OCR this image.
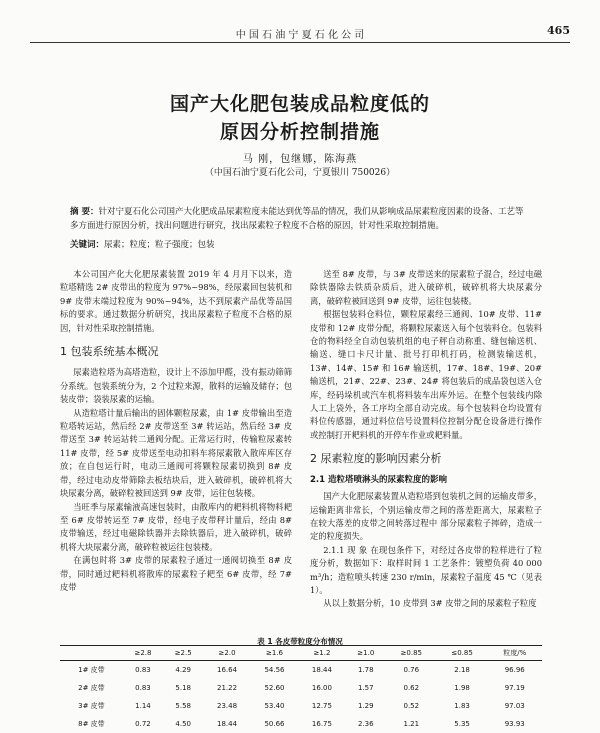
中 国 石 油 宁 夏 石 化 公 司	465
国产大化肥包装成品粒度低的
原因分析控制措施
马 刚，包继娜，陈海燕
（中国石油宁夏石化公司，宁夏银川 750026）
摘 要：针对宁夏石化公司国产大化肥成品尿素粒度未能达到优等品的情况，我们从影响成品尿素粒度因素的设备、工艺等多方面进行原因分析，找出问题进行研究，找出尿素粒子粒度不合格的原因，针对性采取控制措施。
关键词：尿素；粒度；粒子强度；包装

本公司国产化大化肥尿素装置 2019 年 4 月月下以来，造粒塔精选 2# 皮带出的粒度为 97%~98%，经尿素回包装机和 9# 皮带末端过粒度为 90%~94%，达不到尿素产品优等品国标的要求。通过数据分析研究，找出尿素粒子粒度不合格的原因，针对性采取控制措施。

1 包装系统基本概况

尿素造粒塔为高塔造粒，设计上不添加甲醛，没有振动筛筛分系统。包装系统分为，2 个过粒来源，散料的运输及储存；包装皮带；袋装尿素的运输。

从造粒塔计量后输出的固体颗粒尿素，由 1# 皮带输出至造粒塔转运站，然后经 2# 皮带送至 3# 转运站，然后经 3# 皮带送至 3# 转运站转二通阀分配。正常运行时，传输粒尿素转 11# 皮带，经 5# 皮带送至电动扣料车将尿素散入散库库区存放；在自包运行时，电动三通阀可将颗粒尿素切换到 8# 皮带，经过电动皮带筛除去板结块后，进入破碎机，破碎机将大块尿素分离，破碎粒被回送到 9# 皮带，运往包装楼。

当旺季与尿素输液高速包装时，由散库内的耙料机将物料耙至 6# 皮带转运至 7# 皮带，经电子皮带秤计量后，经由 8# 皮带输送，经过电磁除铁器并去除铁器后，进入破碎机，破碎机将大块尿素分离，破碎粒被运往包装楼。

在满包时将 3# 皮带的尿素粒子通过一通阀切换至 8# 皮带，同时通过耙料机将散库的尿素粒子耙至 6# 皮带，经 7# 皮带

送至 8# 皮带，与 3# 皮带送来的尿素粒子混合，经过电磁除铁器除去铁质杂质后，进入破碎机，破碎机将大块尿素分离，破碎粒被回送到 9# 皮带，运往包装楼。

根据包装料仓料位，颗粒尿素经三通阀、10# 皮带、11# 皮带和 12# 皮带分配，将颗粒尿素送入每个包装料仓。包装料仓的物料经全自动包装机组的电子秤自动称重、缝包输送机、输送、缝口卡尺计量、批号打印机打码，检测装输送机，13#、14#、15# 和 16# 输送机，17#、18#、19#、20# 输送机，21#、22#、23#、24# 将包装后的成品袋包送入仓库，经码垛机或汽车机将料装车出库外运。在整个包装线内除人工上袋外，各工序均全部自动完成。每个包装料仓均设置有料位传感器，通过料位信号设置料位控制分配仓设备进行操作或控制打开耙料机的开停车作业或耙料量。

2 尿素粒度的影响因素分析
2.1 造粒塔喷淋头的尿素粒度的影响

国产大化肥尿素装置从造粒塔到包装机之间的运输皮带多，运输距离非常长，个别运输皮带之间的落差距离大，尿素粒子在较大落差的皮带之间转落过程中 部分尿素粒子摔碎，造成一定的粒度损失。

2.1.1 现 象 在现包条件下，对经过各皮带的粒样进行了粒度分析，数据如下：取样时间 1 工艺条件：镀塑负荷 40 000 m³/h；造粒喷头转速 230 r/min，尿素粒子温度 45 ℃（见表 1）。

从以上数据分析，10 皮带到 3# 皮带之间的尿素粒子粒度

表 1 各皮带粒度分布情况
	≥2.8	≥2.5	≥2.0	≥1.6	≥1.2	≥1.0	≥0.85	≤0.85	粒度/%
1# 皮带	0.83	4.29	16.64	54.56	18.44	1.78	0.76	2.18	96.96
2# 皮带	0.83	5.18	21.22	52.60	16.00	1.57	0.62	1.98	97.19
3# 皮带	1.14	5.58	23.48	53.40	12.75	1.29	0.52	1.83	97.03
8# 皮带	0.72	4.50	18.44	50.66	16.75	2.36	1.21	5.35	93.93
